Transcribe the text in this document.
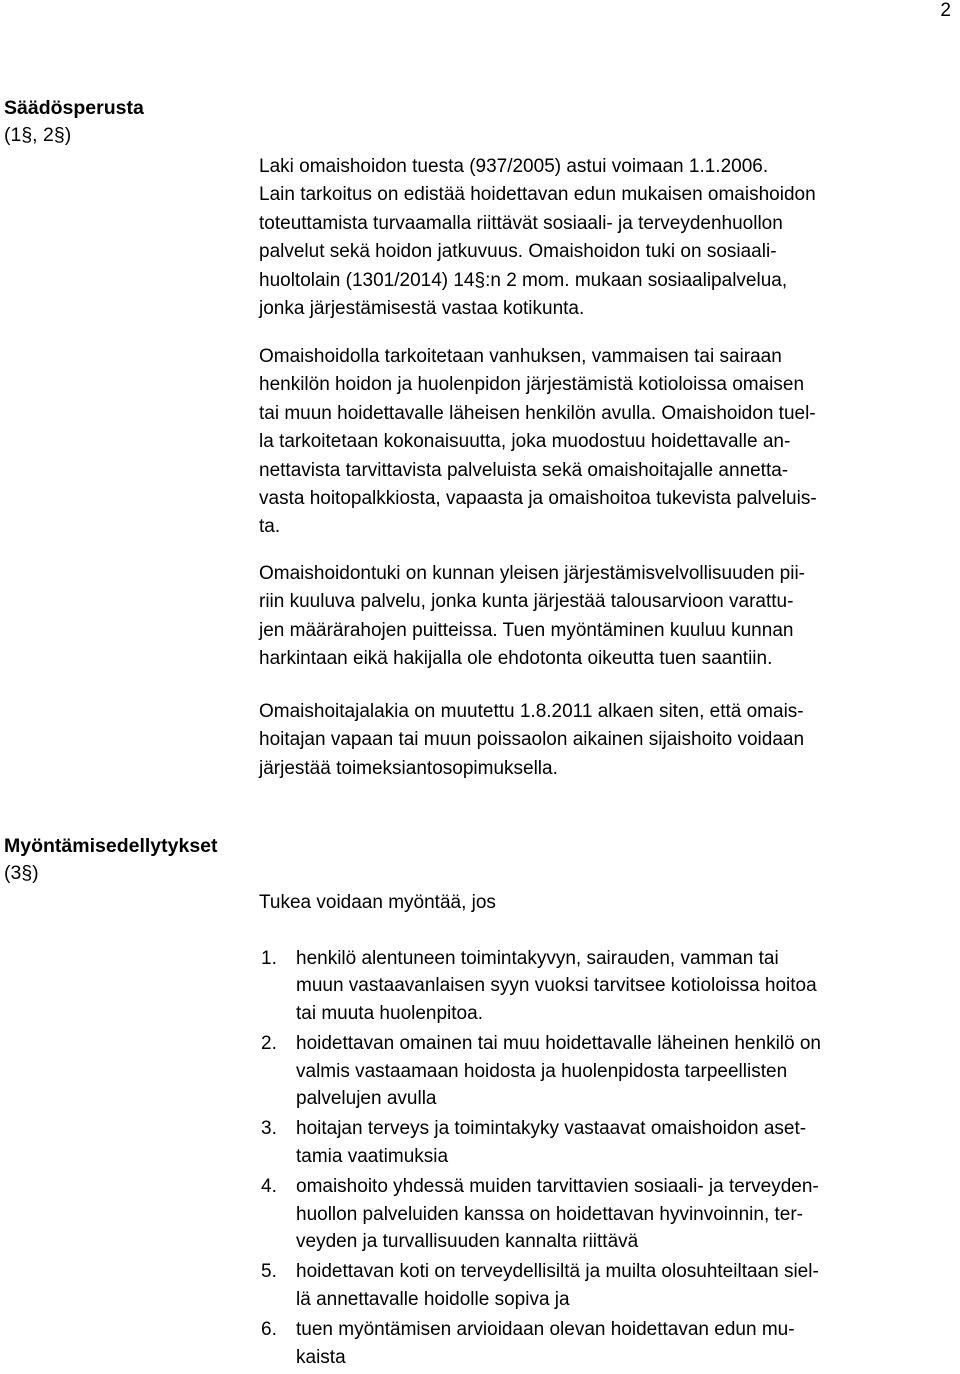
2
Säädösperusta
(1§, 2§)
Laki omaishoidon tuesta (937/2005) astui voimaan 1.1.2006.
Lain tarkoitus on edistää hoidettavan edun mukaisen omaishoidon
toteuttamista turvaamalla riittävät sosiaali- ja terveydenhuollon
palvelut sekä hoidon jatkuvuus. Omaishoidon tuki on sosiaali-
huoltolain (1301/2014) 14§:n 2 mom. mukaan sosiaalipalvelua,
jonka järjestämisestä vastaa kotikunta.
Omaishoidolla tarkoitetaan vanhuksen, vammaisen tai sairaan
henkilön hoidon ja huolenpidon järjestämistä kotioloissa omaisen
tai muun hoidettavalle läheisen henkilön avulla. Omaishoidon tuel-
la tarkoitetaan kokonaisuutta, joka muodostuu hoidettavalle an-
nettavista tarvittavista palveluista sekä omaishoitajalle annetta-
vasta hoitopalkkiosta, vapaasta ja omaishoitoa tukevista palveluis-
ta.
Omaishoidontuki on kunnan yleisen järjestämisvelvollisuuden pii-
riin kuuluva palvelu, jonka kunta järjestää talousarvioon varattu-
jen määrärahojen puitteissa. Tuen myöntäminen kuuluu kunnan
harkintaan eikä hakijalla ole ehdotonta oikeutta tuen saantiin.
Omaishoitajalakia on muutettu 1.8.2011 alkaen siten, että omais-
hoitajan vapaan tai muun poissaolon aikainen sijaishoito voidaan
järjestää toimeksiantosopimuksella.
Myöntämisedellytykset
(3§)
Tukea voidaan myöntää, jos
1. henkilö alentuneen toimintakyvyn, sairauden, vamman tai
muun vastaavanlaisen syyn vuoksi tarvitsee kotioloissa hoitoa
tai muuta huolenpitoa.
2. hoidettavan omainen tai muu hoidettavalle läheinen henkilö on
valmis vastaamaan hoidosta ja huolenpidosta tarpeellisten
palvelujen avulla
3. hoitajan terveys ja toimintakyky vastaavat omaishoidon aset-
tamia vaatimuksia
4. omaishoito yhdessä muiden tarvittavien sosiaali- ja terveyden-
huollon palveluiden kanssa on hoidettavan hyvinvoinnin, ter-
veyden ja turvallisuuden kannalta riittävä
5. hoidettavan koti on terveydellisiltä ja muilta olosuhteiltaan siel-
lä annettavalle hoidolle sopiva ja
6. tuen myöntämisen arvioidaan olevan hoidettavan edun mu-
kaista
